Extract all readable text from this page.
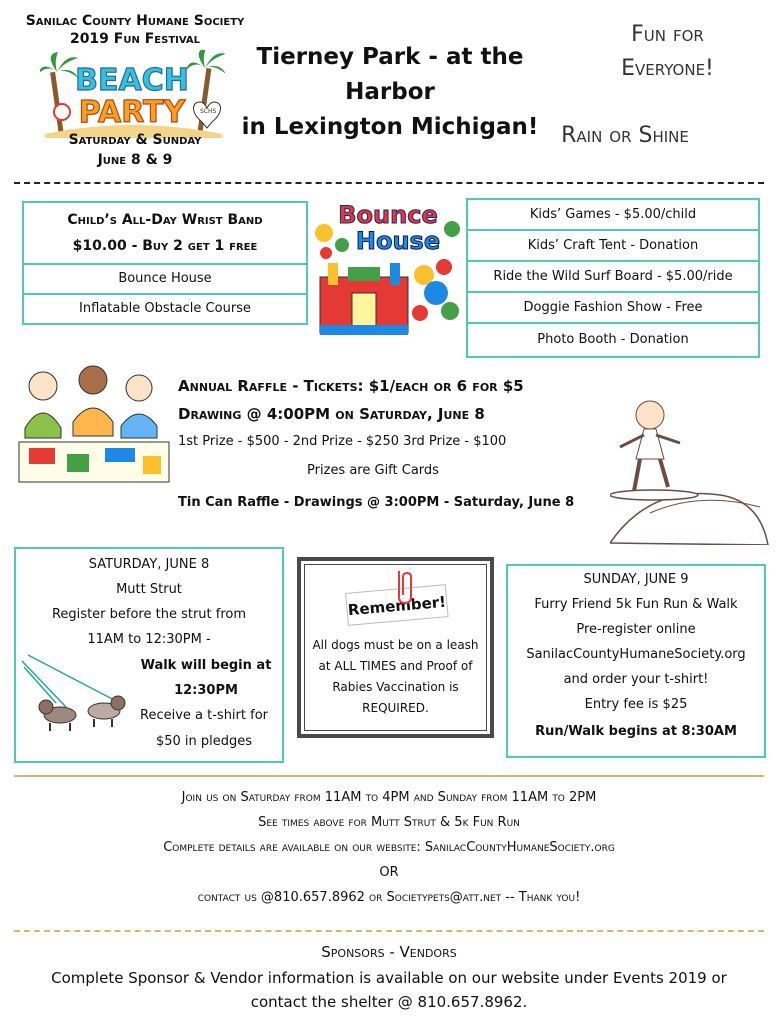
Sanilac County Humane Society
2019 Fun Festival
BEACH
PARTY SCHS
Saturday & Sunday
June 8 & 9
Tierney Park - at the Harbor
in Lexington Michigan!
Fun for
Everyone!
Rain or Shine
Child’s All-Day Wrist Band
$10.00 - Buy 2 get 1 free
Bounce House
Inflatable Obstacle Course
Bounce
House
Kids’ Games - $5.00/child
Kids’ Craft Tent - Donation
Ride the Wild Surf Board - $5.00/ride
Doggie Fashion Show - Free
Photo Booth - Donation
Annual Raffle - Tickets: $1/each or 6 for $5
Drawing @ 4:00PM on Saturday, June 8
1st Prize - $500 - 2nd Prize - $250 3rd Prize - $100
Prizes are Gift Cards
Tin Can Raffle - Drawings @ 3:00PM - Saturday, June 8
SATURDAY, JUNE 8
Mutt Strut
Register before the strut from
11AM to 12:30PM -
Walk will begin at
12:30PM
Receive a t-shirt for
$50 in pledges
Remember!
All dogs must be on a leash
at ALL TIMES and Proof of
Rabies Vaccination is
REQUIRED.
SUNDAY, JUNE 9
Furry Friend 5k Fun Run & Walk
Pre-register online
SanilacCountyHumaneSociety.org
and order your t-shirt!
Entry fee is $25
Run/Walk begins at 8:30AM
Join us on Saturday from 11AM to 4PM and Sunday from 11AM to 2PM
See times above for Mutt Strut & 5k Fun Run
Complete details are available on our website: SanilacCountyHumaneSociety.org
OR
contact us @810.657.8962 or Societypets@att.net -- Thank you!
Sponsors - Vendors
Complete Sponsor & Vendor information is available on our website under Events 2019 or
contact the shelter @ 810.657.8962.
